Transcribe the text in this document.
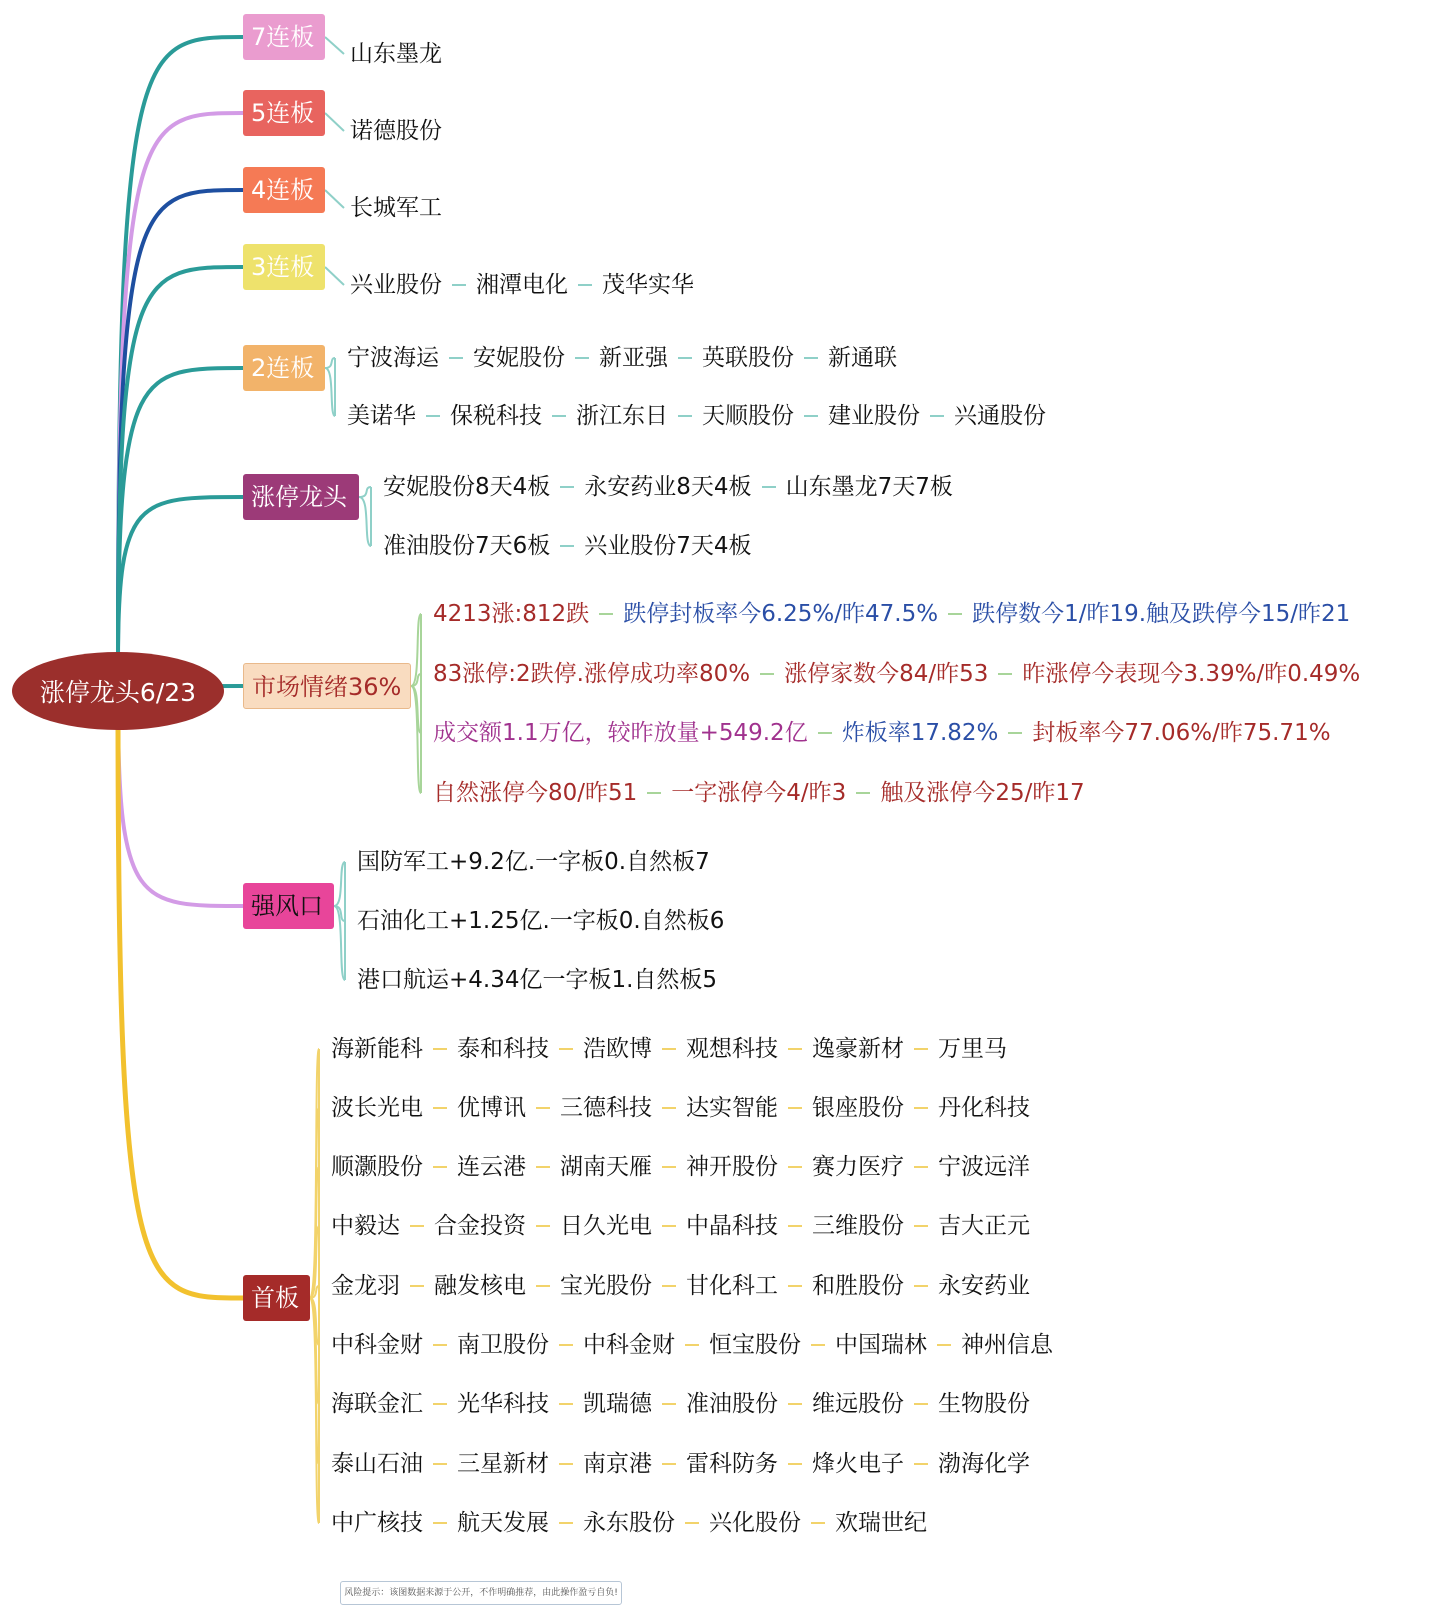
涨停龙头6/23
7连板
山东墨龙
5连板
诺德股份
4连板
长城军工
3连板
兴业股份 湘潭电化 茂华实华
2连板	宁波海运 安妮股份 新亚强 英联股份 新通联
美诺华 保税科技 浙江东日 天顺股份 建业股份 兴通股份
涨停龙头	安妮股份8天4板 永安药业8天4板 山东墨龙7天7板
准油股份7天6板 兴业股份7天4板
市场情绪36%
4213涨:812跌 跌停封板率今6.25%/昨47.5% 跌停数今1/昨19.触及跌停今15/昨21
83涨停:2跌停.涨停成功率80% 涨停家数今84/昨53 昨涨停今表现今3.39%/昨0.49%
成交额1.1万亿，较昨放量+549.2亿 炸板率17.82% 封板率今77.06%/昨75.71%
自然涨停今80/昨51 一字涨停今4/昨3 触及涨停今25/昨17
强风口
国防军工+9.2亿.一字板0.自然板7
石油化工+1.25亿.一字板0.自然板6
港口航运+4.34亿一字板1.自然板5
首板
海新能科 泰和科技 浩欧博 观想科技 逸豪新材 万里马
波长光电 优博讯 三德科技 达实智能 银座股份 丹化科技
顺灏股份 连云港 湖南天雁 神开股份 赛力医疗 宁波远洋
中毅达 合金投资 日久光电 中晶科技 三维股份 吉大正元
金龙羽 融发核电 宝光股份 甘化科工 和胜股份 永安药业
中科金财 南卫股份 中科金财 恒宝股份 中国瑞林 神州信息
海联金汇 光华科技 凯瑞德 准油股份 维远股份 生物股份
泰山石油 三星新材 南京港 雷科防务 烽火电子 渤海化学
中广核技 航天发展 永东股份 兴化股份 欢瑞世纪
风险提示：该图数据来源于公开，不作明确推荐，由此操作盈亏自负!
